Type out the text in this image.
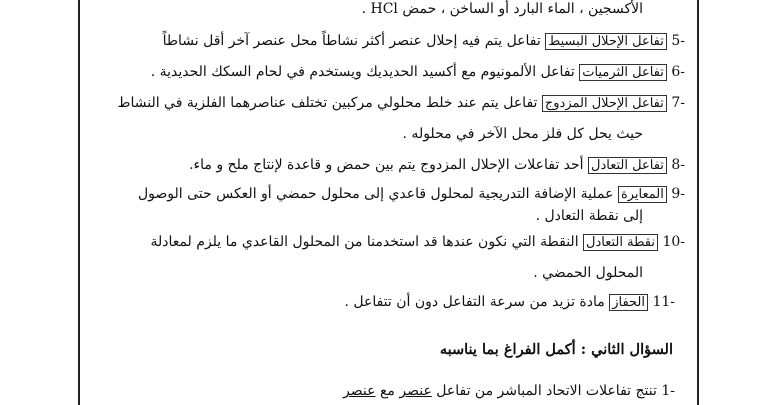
الأكسجين ، الماء البارد أو الساخن ، حمض HCl .
-5 تفاعل الإحلال البسيط تفاعل يتم فيه إحلال عنصر أكثر نشاطاً محل عنصر آخر أقل نشاطاً
-6 تفاعل الثرميات تفاعل الألمونيوم مع أكسيد الحديديك ويستخدم في لحام السكك الحديدية .
-7 تفاعل الإحلال المزدوج تفاعل يتم عند خلط محلولي مركبين تختلف عناصرهما الفلزية في النشاط
حيث يحل كل فلز محل الآخر في محلوله .
-8 تفاعل التعادل أحد تفاعلات الإحلال المزدوج يتم بين حمض و قاعدة لإنتاج ملح و ماء.
-9 المعايرة عملية الإضافة التدريجية لمحلول قاعدي إلى محلول حمضي أو العكس حتى الوصول
إلى نقطة التعادل .
-10 نقطة التعادل النقطة التي نكون عندها قد استخدمنا من المحلول القاعدي ما يلزم لمعادلة
المحلول الحمضي .
-11 الحفاز مادة تزيد من سرعة التفاعل دون أن تتفاعل .
السؤال الثاني : أكمل الفراغ بما يناسبه
-1 تنتج تفاعلات الاتحاد المباشر من تفاعل عنصر مع عنصر
